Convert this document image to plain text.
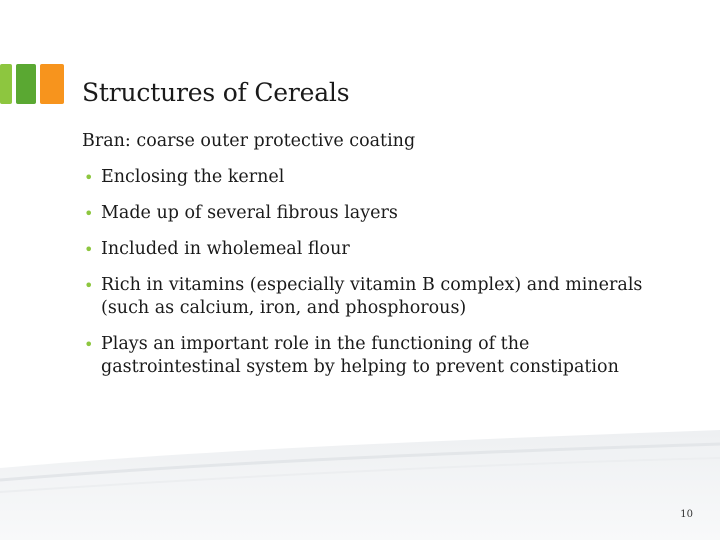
Structures of Cereals

Bran: coarse outer protective coating

• Enclosing the kernel
• Made up of several fibrous layers
• Included in wholemeal flour
• Rich in vitamins (especially vitamin B complex) and minerals (such as calcium, iron, and phosphorous)
• Plays an important role in the functioning of the gastrointestinal system by helping to prevent constipation
10
